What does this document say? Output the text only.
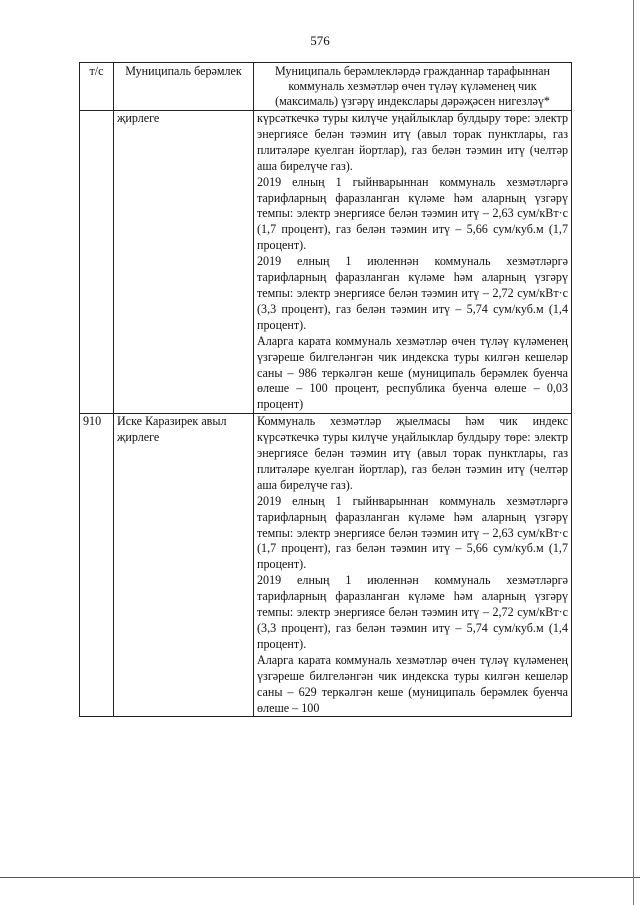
576
т/с	Муниципаль берәмлек	Муниципаль берәмлекләрдә гражданнар тарафыннан коммуналь хезмәтләр өчен түләү күләменең чик (максималь) үзгәрү индекслары дәрәҗәсен нигезләү*
	җирлеге	күрсәткечкә туры килүче уңайлыклар булдыру төре: электр энергиясе белән тәэмин итү (авыл торак пунктлары, газ плитәләре куелган йортлар), газ белән тәэмин итү (челтәр аша бирелүче газ).

2019 елның 1 гыйнварыннан коммуналь хезмәтләргә тарифларның фаразланган күләме һәм аларның үзгәрү темпы: электр энергиясе белән тәэмин итү – 2,63 сум/кВт·с (1,7 процент), газ белән тәэмин итү – 5,66 сум/куб.м (1,7 процент).

2019 елның 1 июленнән коммуналь хезмәтләргә тарифларның фаразланган күләме һәм аларның үзгәрү темпы: электр энергиясе белән тәэмин итү – 2,72 сум/кВт·с (3,3 процент), газ белән тәэмин итү – 5,74 сум/куб.м (1,4 процент).

Аларга карата коммуналь хезмәтләр өчен түләү күләменең үзгәреше билгеләнгән чик индекска туры килгән кешеләр саны – 986 теркәлгән кеше (муниципаль берәмлек буенча өлеше – 100 процент, республика буенча өлеше – 0,03 процент)

910	Иске Каразирек авыл җирлеге	Коммуналь хезмәтләр җыелмасы һәм чик индекс күрсәткечкә туры килүче уңайлыклар булдыру төре: электр энергиясе белән тәэмин итү (авыл торак пунктлары, газ плитәләре куелган йортлар), газ белән тәэмин итү (челтәр аша бирелүче газ).

2019 елның 1 гыйнварыннан коммуналь хезмәтләргә тарифларның фаразланган күләме һәм аларның үзгәрү темпы: электр энергиясе белән тәэмин итү – 2,63 сум/кВт·с (1,7 процент), газ белән тәэмин итү – 5,66 сум/куб.м (1,7 процент).

2019 елның 1 июленнән коммуналь хезмәтләргә тарифларның фаразланган күләме һәм аларның үзгәрү темпы: электр энергиясе белән тәэмин итү – 2,72 сум/кВт·с (3,3 процент), газ белән тәэмин итү – 5,74 сум/куб.м (1,4 процент).

Аларга карата коммуналь хезмәтләр өчен түләү күләменең үзгәреше билгеләнгән чик индекска туры килгән кешеләр саны – 629 теркәлгән кеше (муниципаль берәмлек буенча өлеше – 100
